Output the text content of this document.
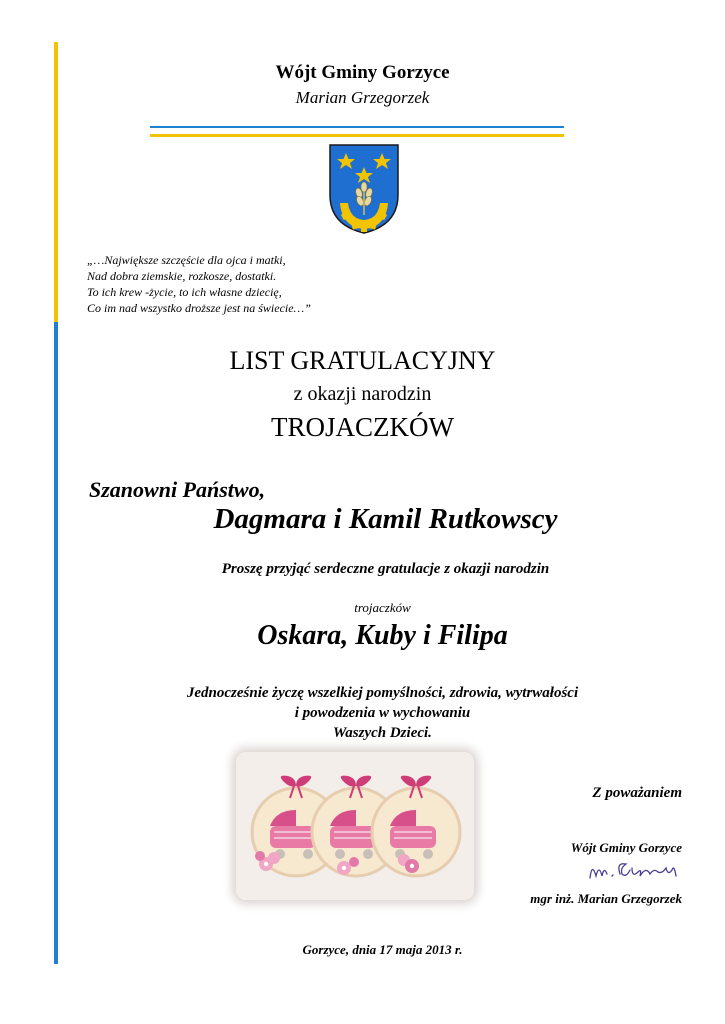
Wójt Gminy Gorzyce
Marian Grzegorzek
„…Największe szczęście dla ojca i matki,
Nad dobra ziemskie, rozkosze, dostatki.
To ich krew -życie, to ich własne dziecię,
Co im nad wszystko droższe jest na świecie…”
LIST GRATULACYJNY
z okazji narodzin
TROJACZKÓW
Szanowni Państwo,
Dagmara i Kamil Rutkowscy
Proszę przyjąć serdeczne gratulacje z okazji narodzin
trojaczków
Oskara, Kuby i Filipa
Jednocześnie życzę wszelkiej pomyślności, zdrowia, wytrwałości
i powodzenia w wychowaniu
Waszych Dzieci.
Z poważaniem
Wójt Gminy Gorzyce
mgr inż. Marian Grzegorzek
Gorzyce, dnia 17 maja 2013 r.
